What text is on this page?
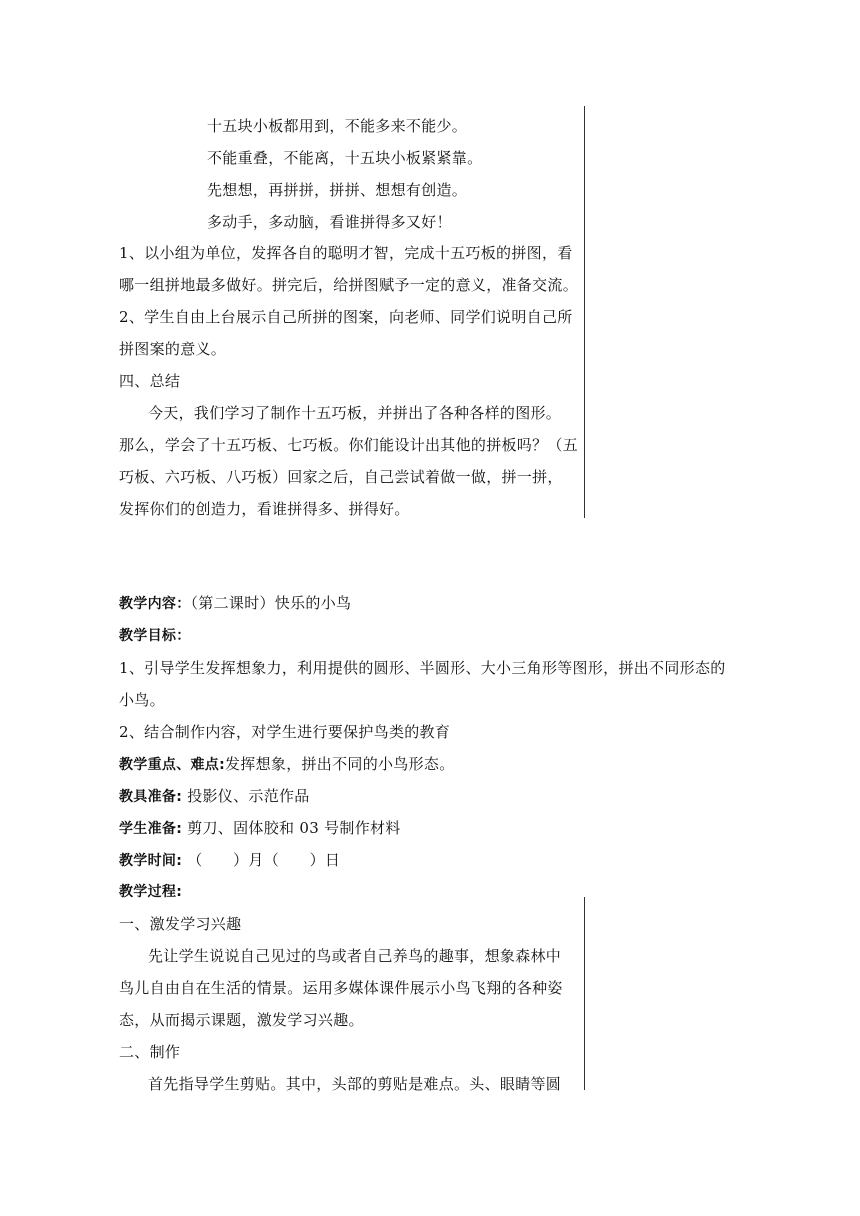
十五块小板都用到，不能多来不能少。
不能重叠，不能离，十五块小板紧紧靠。
先想想，再拼拼，拼拼、想想有创造。
多动手，多动脑，看谁拼得多又好！
1、以小组为单位，发挥各自的聪明才智，完成十五巧板的拼图，看
哪一组拼地最多做好。拼完后，给拼图赋予一定的意义，准备交流。
2、学生自由上台展示自己所拼的图案，向老师、同学们说明自己所
拼图案的意义。
四、总结
今天，我们学习了制作十五巧板，并拼出了各种各样的图形。
那么，学会了十五巧板、七巧板。你们能设计出其他的拼板吗？（五
巧板、六巧板、八巧板）回家之后，自己尝试着做一做，拼一拼，
发挥你们的创造力，看谁拼得多、拼得好。
教学内容：（第二课时）快乐的小鸟
教学目标：
1、引导学生发挥想象力，利用提供的圆形、半圆形、大小三角形等图形，拼出不同形态的
小鸟。
2、结合制作内容，对学生进行要保护鸟类的教育
教学重点、难点:发挥想象，拼出不同的小鸟形态。
教具准备: 投影仪、示范作品
学生准备: 剪刀、固体胶和 03 号制作材料
教学时间: （　　）月（　　）日
教学过程:
一、激发学习兴趣
先让学生说说自己见过的鸟或者自己养鸟的趣事，想象森林中
鸟儿自由自在生活的情景。运用多媒体课件展示小鸟飞翔的各种姿
态，从而揭示课题，激发学习兴趣。
二、制作
首先指导学生剪贴。其中，头部的剪贴是难点。头、眼睛等圆
